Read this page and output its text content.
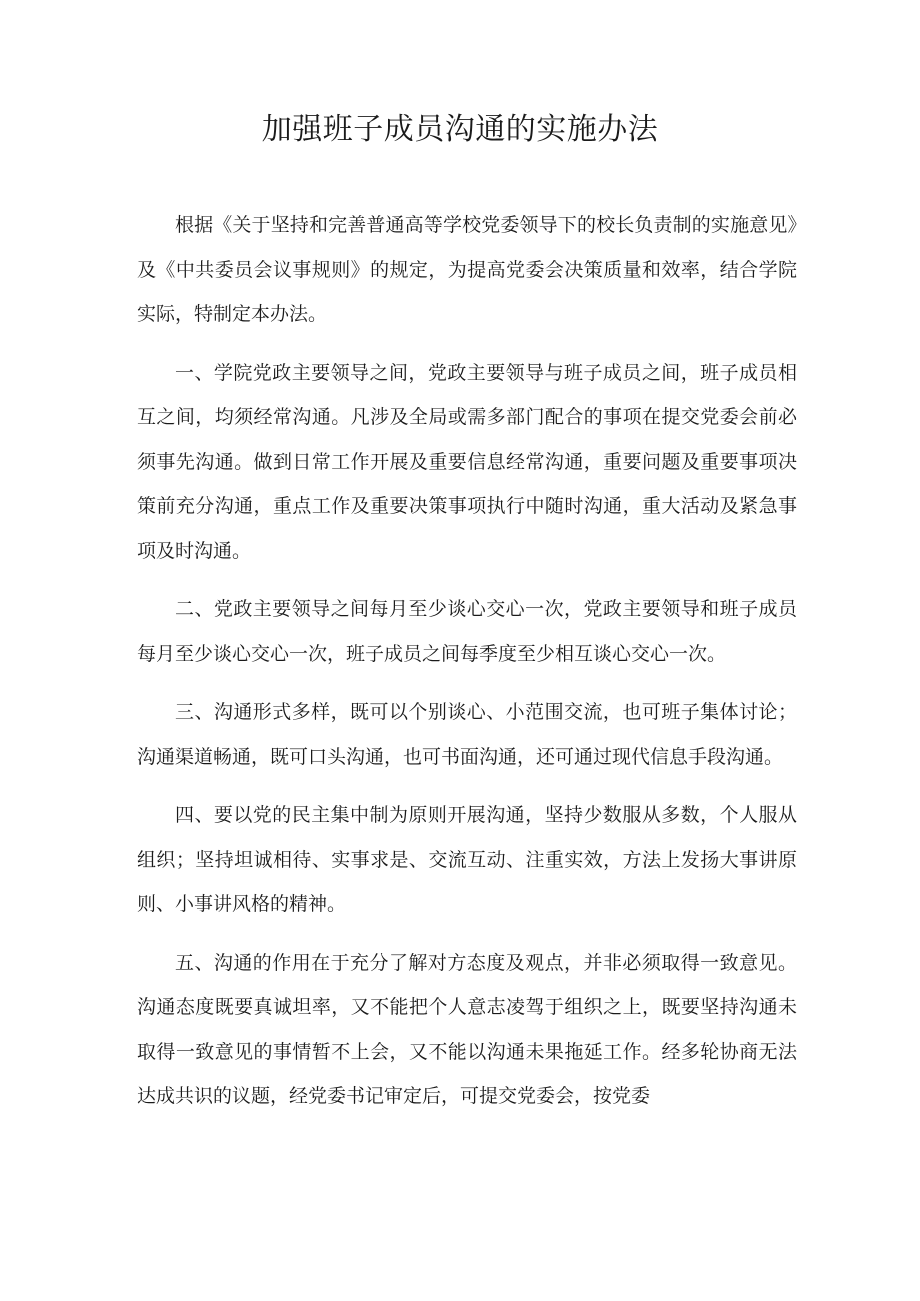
加强班子成员沟通的实施办法

根据《关于坚持和完善普通高等学校党委领导下的校长负责制的实施意见》及《中共委员会议事规则》的规定，为提高党委会决策质量和效率，结合学院实际，特制定本办法。

一、学院党政主要领导之间，党政主要领导与班子成员之间，班子成员相互之间，均须经常沟通。凡涉及全局或需多部门配合的事项在提交党委会前必须事先沟通。做到日常工作开展及重要信息经常沟通，重要问题及重要事项决策前充分沟通，重点工作及重要决策事项执行中随时沟通，重大活动及紧急事项及时沟通。

二、党政主要领导之间每月至少谈心交心一次，党政主要领导和班子成员每月至少谈心交心一次，班子成员之间每季度至少相互谈心交心一次。

三、沟通形式多样，既可以个别谈心、小范围交流，也可班子集体讨论；沟通渠道畅通，既可口头沟通，也可书面沟通，还可通过现代信息手段沟通。

四、要以党的民主集中制为原则开展沟通，坚持少数服从多数，个人服从组织；坚持坦诚相待、实事求是、交流互动、注重实效，方法上发扬大事讲原则、小事讲风格的精神。

五、沟通的作用在于充分了解对方态度及观点，并非必须取得一致意见。沟通态度既要真诚坦率，又不能把个人意志凌驾于组织之上，既要坚持沟通未取得一致意见的事情暂不上会，又不能以沟通未果拖延工作。经多轮协商无法达成共识的议题，经党委书记审定后，可提交党委会，按党委
